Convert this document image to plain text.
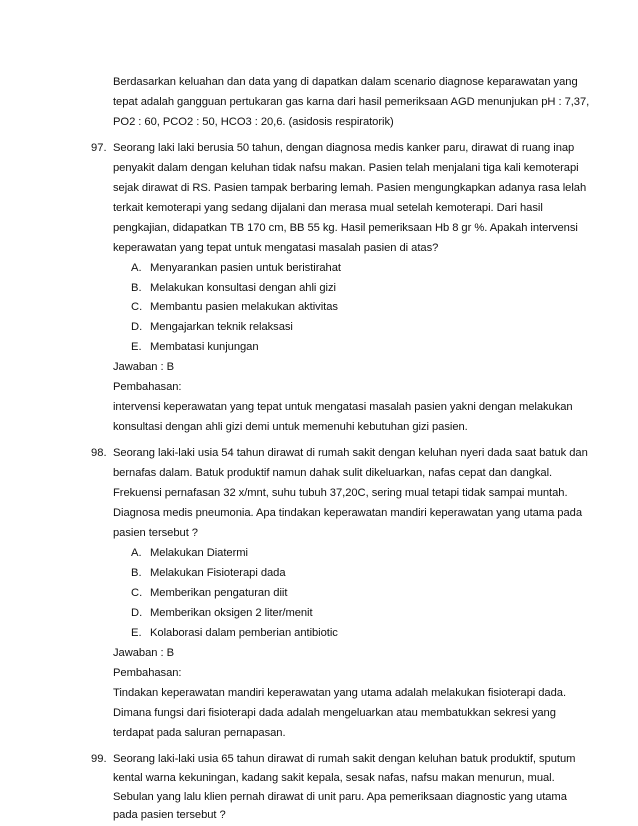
Berdasarkan keluahan dan data yang di dapatkan dalam scenario diagnose keparawatan yang
tepat adalah gangguan pertukaran gas karna dari hasil pemeriksaan AGD menunjukan pH : 7,37,
PO2 : 60, PCO2 : 50, HCO3 : 20,6. (asidosis respiratorik)
97. Seorang laki laki berusia 50 tahun, dengan diagnosa medis kanker paru, dirawat di ruang inap
penyakit dalam dengan keluhan tidak nafsu makan. Pasien telah menjalani tiga kali kemoterapi
sejak dirawat di RS. Pasien tampak berbaring lemah. Pasien mengungkapkan adanya rasa lelah
terkait kemoterapi yang sedang dijalani dan merasa mual setelah kemoterapi. Dari hasil
pengkajian, didapatkan TB 170 cm, BB 55 kg. Hasil pemeriksaan Hb 8 gr %. Apakah intervensi
keperawatan yang tepat untuk mengatasi masalah pasien di atas?
A. Menyarankan pasien untuk beristirahat
B. Melakukan konsultasi dengan ahli gizi
C. Membantu pasien melakukan aktivitas
D. Mengajarkan teknik relaksasi
E. Membatasi kunjungan
Jawaban : B
Pembahasan:
intervensi keperawatan yang tepat untuk mengatasi masalah pasien yakni dengan melakukan
konsultasi dengan ahli gizi demi untuk memenuhi kebutuhan gizi pasien.
98. Seorang laki-laki usia 54 tahun dirawat di rumah sakit dengan keluhan nyeri dada saat batuk dan
bernafas dalam. Batuk produktif namun dahak sulit dikeluarkan, nafas cepat dan dangkal.
Frekuensi pernafasan 32 x/mnt, suhu tubuh 37,20C, sering mual tetapi tidak sampai muntah.
Diagnosa medis pneumonia. Apa tindakan keperawatan mandiri keperawatan yang utama pada
pasien tersebut ?
A. Melakukan Diatermi
B. Melakukan Fisioterapi dada
C. Memberikan pengaturan diit
D. Memberikan oksigen 2 liter/menit
E. Kolaborasi dalam pemberian antibiotic
Jawaban : B
Pembahasan:
Tindakan keperawatan mandiri keperawatan yang utama adalah melakukan fisioterapi dada.
Dimana fungsi dari fisioterapi dada adalah mengeluarkan atau membatukkan sekresi yang
terdapat pada saluran pernapasan.
99. Seorang laki-laki usia 65 tahun dirawat di rumah sakit dengan keluhan batuk produktif, sputum
kental warna kekuningan, kadang sakit kepala, sesak nafas, nafsu makan menurun, mual.
Sebulan yang lalu klien pernah dirawat di unit paru. Apa pemeriksaan diagnostic yang utama
pada pasien tersebut ?
